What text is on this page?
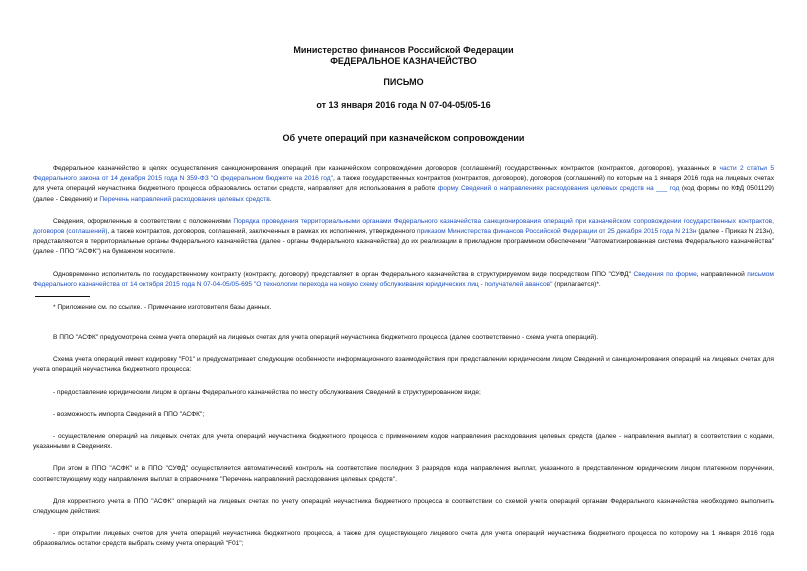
Министерство финансов Российской Федерации
ФЕДЕРАЛЬНОЕ КАЗНАЧЕЙСТВО
ПИСЬМО
от 13 января 2016 года N 07-04-05/05-16
Об учете операций при казначейском сопровождении

Федеральное казначейство в целях осуществления санкционирования операций при казначейском сопровождении договоров (соглашений) государственных контрактов (контрактов, договоров), указанных в части 2 статьи 5 Федерального закона от 14 декабря 2015 года N 359-ФЗ "О федеральном бюджете на 2016 год", а также государственных контрактов (контрактов, договоров), договоров (соглашений) по которым на 1 января 2016 года на лицевых счетах для учета операций неучастника бюджетного процесса образовались остатки средств, направляет для использования в работе форму Сведений о направлениях расходования целевых средств на ___ год (код формы по КФД 0501129) (далее - Сведения) и Перечень направлений расходования целевых средств.

Сведения, оформленные в соответствии с положениями Порядка проведения территориальными органами Федерального казначейства санкционирования операций при казначейском сопровождении государственных контрактов, договоров (соглашений), а также контрактов, договоров, соглашений, заключенных в рамках их исполнения, утвержденного приказом Министерства финансов Российской Федерации от 25 декабря 2015 года N 213н (далее - Приказ N 213н), представляются в территориальные органы Федерального казначейства (далее - органы Федерального казначейства) до их реализации в прикладном программном обеспечении "Автоматизированная система Федерального казначейства" (далее - ППО "АСФК") на бумажном носителе.

Одновременно исполнитель по государственному контракту (контракту, договору) представляет в орган Федерального казначейства в структурируемом виде посредством ППО "СУФД" Сведения по форме, направленной письмом Федерального казначейства от 14 октября 2015 года N 07-04-05/05-695 "О технологии перехода на новую схему обслуживания юридических лиц - получателей авансов" (прилагается)*.

* Приложение см. по ссылке. - Примечание изготовителя базы данных.

В ППО "АСФК" предусмотрена схема учета операций на лицевых счетах для учета операций неучастника бюджетного процесса (далее соответственно - схема учета операций).

Схема учета операций имеет кодировку "F01" и предусматривает следующие особенности информационного взаимодействия при представлении юридическим лицом Сведений и санкционирования операций на лицевых счетах для учета операций неучастника бюджетного процесса:

- предоставление юридическим лицом в органы Федерального казначейства по месту обслуживания Сведений в структурированном виде;

- возможность импорта Сведений в ППО "АСФК";

- осуществление операций на лицевых счетах для учета операций неучастника бюджетного процесса с применением кодов направления расходования целевых средств (далее - направления выплат) в соответствии с кодами, указанными в Сведениях.

При этом в ППО "АСФК" и в ППО "СУФД" осуществляется автоматический контроль на соответствие последних 3 разрядов кода направления выплат, указанного в представленном юридическим лицом платежном поручении, соответствующему коду направления выплат в справочнике "Перечень направлений расходования целевых средств".

Для корректного учета в ППО "АСФК" операций на лицевых счетах по учету операций неучастника бюджетного процесса в соответствии со схемой учета операций органам Федерального казначейства необходимо выполнить следующие действия:

- при открытии лицевых счетов для учета операций неучастника бюджетного процесса, а также для существующего лицевого счета для учета операций неучастника бюджетного процесса по которому на 1 января 2016 года образовались остатки средств выбрать схему учета операций "F01";
